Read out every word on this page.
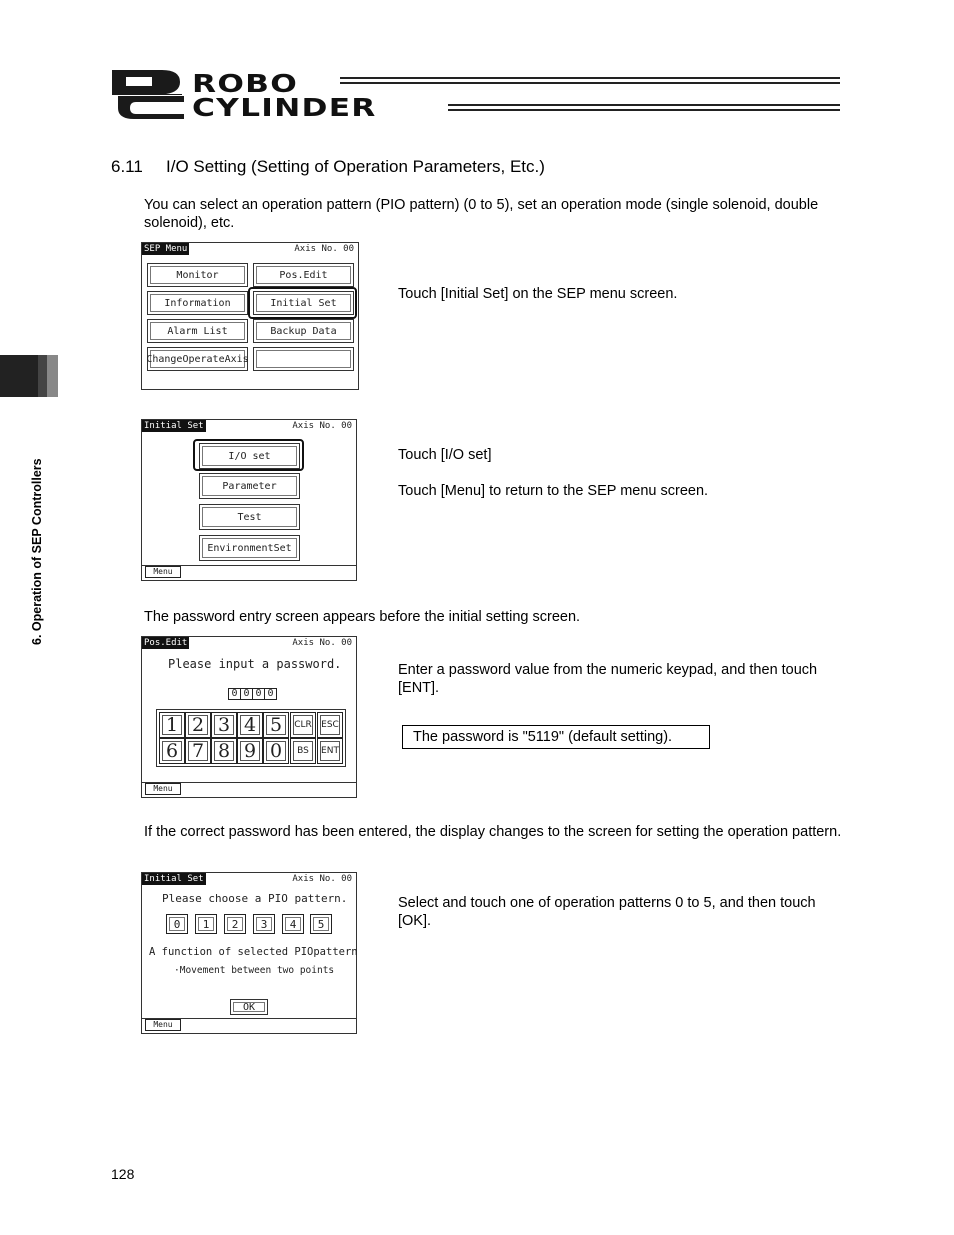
ROBO
CYLINDER
6.11 I/O Setting (Setting of Operation Parameters, Etc.)
You can select an operation pattern (PIO pattern) (0 to 5), set an operation mode (single solenoid, double solenoid), etc.
6. Operation of SEP Controllers
SEP Menu	Axis No. 00
Monitor	Pos.Edit
Information	Initial Set
Alarm List	Backup Data
ChangeOperateAxis
Touch [Initial Set] on the SEP menu screen.
Initial Set	Axis No. 00
I/O set
Parameter
Test
EnvironmentSet
Menu
Touch [I/O set]
Touch [Menu] to return to the SEP menu screen.
The password entry screen appears before the initial setting screen.
Pos.Edit	Axis No. 00
Please input a password.
0 0 0 0
1 2 3 4 5	CLR	ESC
6 7 8 9 0	BS	ENT
Menu
Enter a password value from the numeric keypad, and then touch [ENT].
The password is "5119" (default setting).
If the correct password has been entered, the display changes to the screen for setting the operation pattern.
Initial Set	Axis No. 00
Please choose a PIO pattern.
0	1	2	3	4	5
A function of selected PIOpattern
·Movement between two points
OK
Menu
Select and touch one of operation patterns 0 to 5, and then touch [OK].
128
